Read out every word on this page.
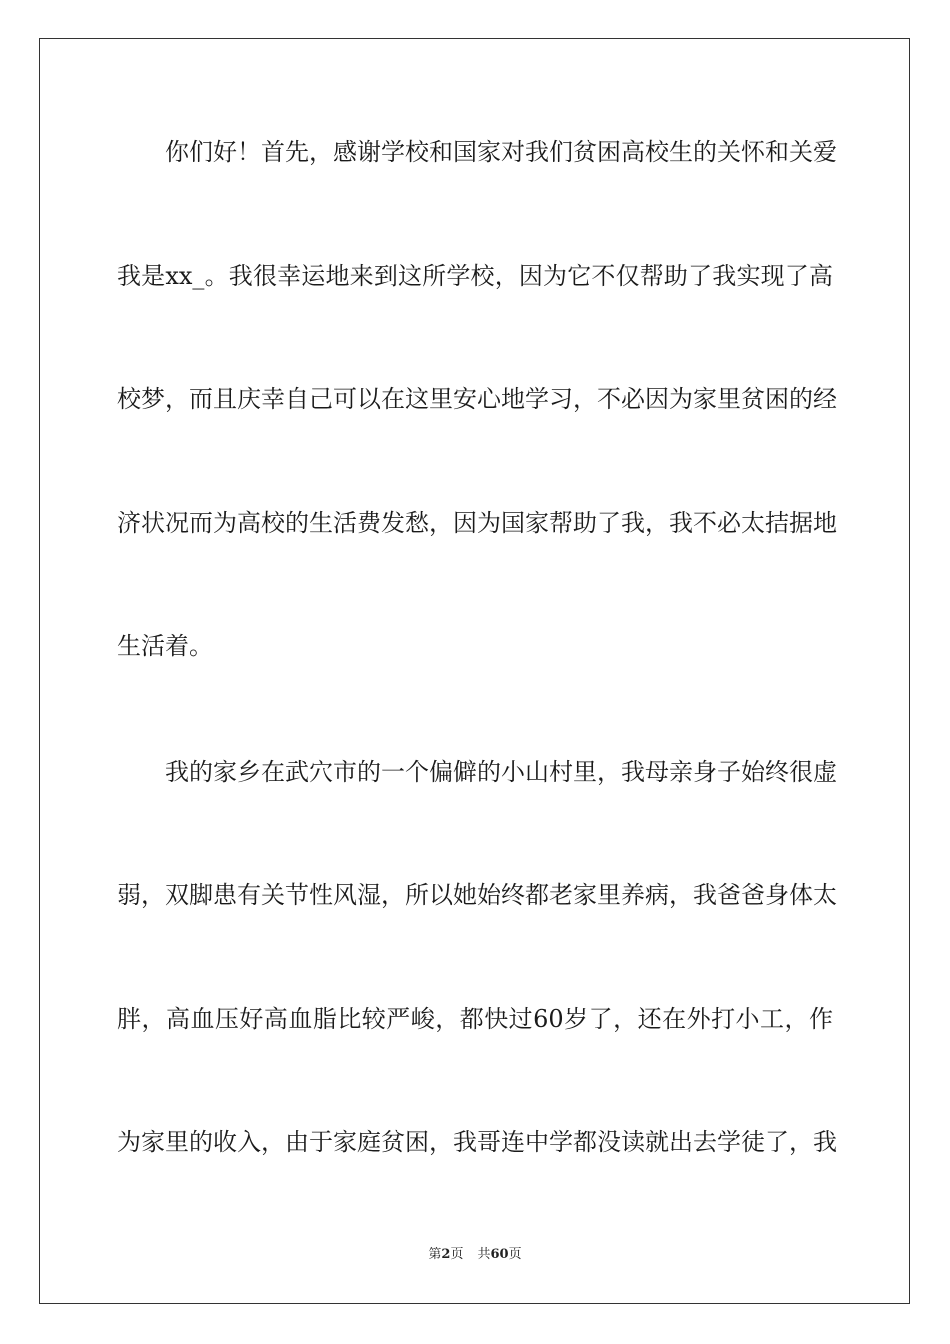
你们好！首先，感谢学校和国家对我们贫困高校生的关怀和关爱
我是xx_。我很幸运地来到这所学校，因为它不仅帮助了我实现了高
校梦，而且庆幸自己可以在这里安心地学习，不必因为家里贫困的经
济状况而为高校的生活费发愁，因为国家帮助了我，我不必太拮据地
生活着。
我的家乡在武穴市的一个偏僻的小山村里，我母亲身子始终很虚
弱，双脚患有关节性风湿，所以她始终都老家里养病，我爸爸身体太
胖，高血压好高血脂比较严峻，都快过60岁了，还在外打小工，作
为家里的收入，由于家庭贫困，我哥连中学都没读就出去学徒了，我
第2页 共60页
